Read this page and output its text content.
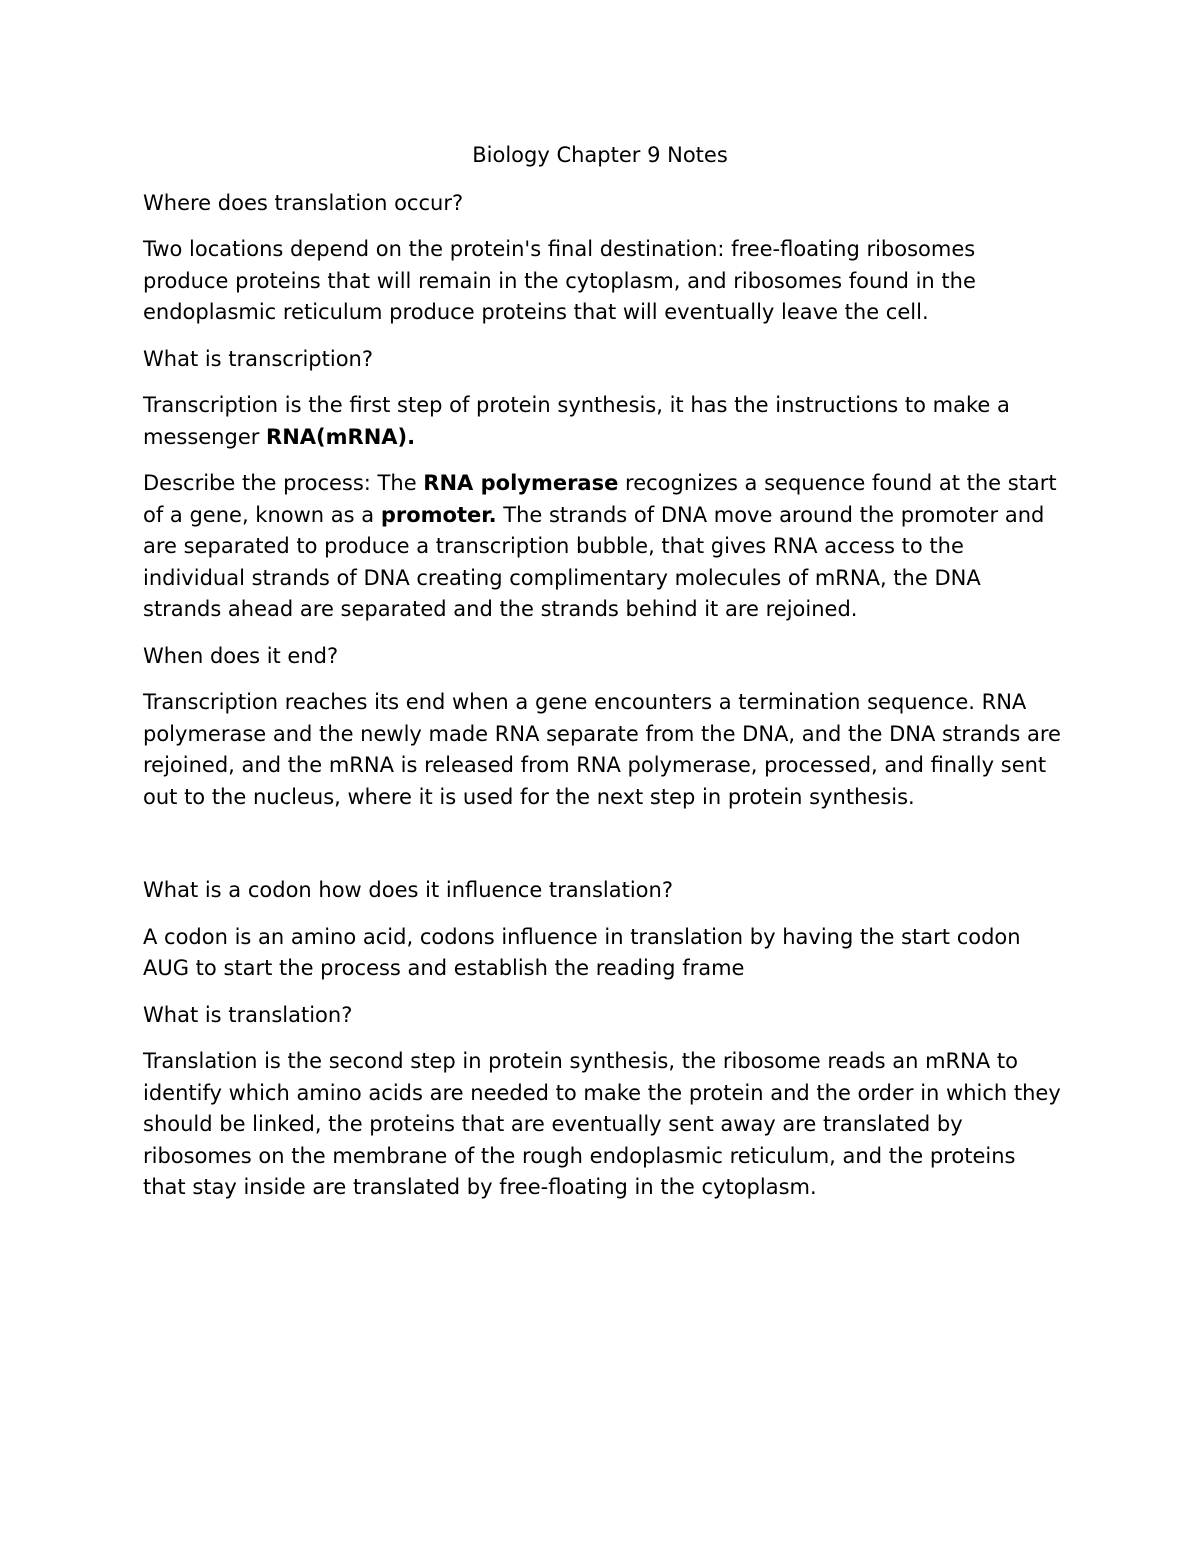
Biology Chapter 9 Notes

Where does translation occur?

Two locations depend on the protein's final destination: free-floating ribosomes produce proteins that will remain in the cytoplasm, and ribosomes found in the endoplasmic reticulum produce proteins that will eventually leave the cell.

What is transcription?

Transcription is the first step of protein synthesis, it has the instructions to make a messenger RNA(mRNA).

Describe the process: The RNA polymerase recognizes a sequence found at the start of a gene, known as a promoter. The strands of DNA move around the promoter and are separated to produce a transcription bubble, that gives RNA access to the individual strands of DNA creating complimentary molecules of mRNA, the DNA strands ahead are separated and the strands behind it are rejoined.

When does it end?

Transcription reaches its end when a gene encounters a termination sequence. RNA polymerase and the newly made RNA separate from the DNA, and the DNA strands are rejoined, and the mRNA is released from RNA polymerase, processed, and finally sent out to the nucleus, where it is used for the next step in protein synthesis.

What is a codon how does it influence translation?

A codon is an amino acid, codons influence in translation by having the start codon AUG to start the process and establish the reading frame

What is translation?

Translation is the second step in protein synthesis, the ribosome reads an mRNA to identify which amino acids are needed to make the protein and the order in which they should be linked, the proteins that are eventually sent away are translated by ribosomes on the membrane of the rough endoplasmic reticulum, and the proteins that stay inside are translated by free-floating in the cytoplasm.
